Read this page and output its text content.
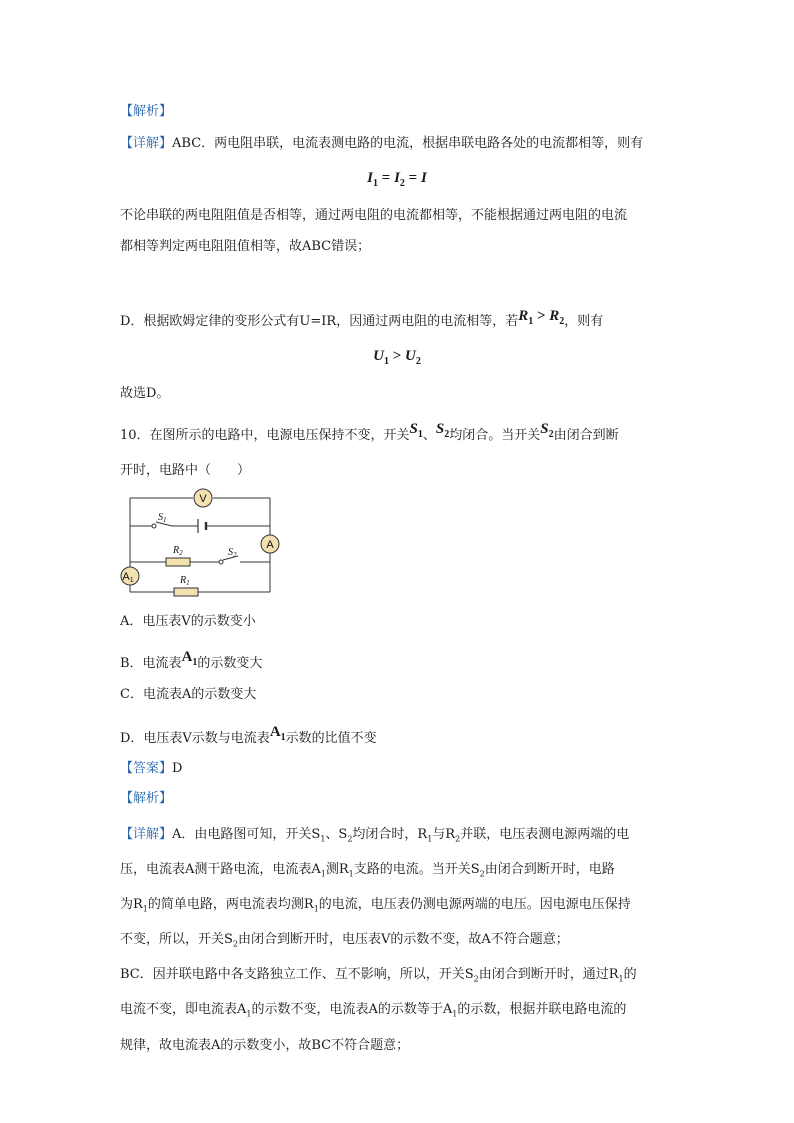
【解析】
【详解】ABC．两电阻串联，电流表测电路的电流，根据串联电路各处的电流都相等，则有
$I_1 = I_2 = I$
不论串联的两电阻阻值是否相等，通过两电阻的电流都相等，不能根据通过两电阻的电流
都相等判定两电阻阻值相等，故ABC错误；
D．根据欧姆定律的变形公式有U=IR，因通过两电阻的电流相等，若$R_1 > R_2$，则有
$U_1 > U_2$
故选D。
10．在图所示的电路中，电源电压保持不变，开关$S_1$、$S_2$均闭合。当开关$S_2$由闭合到断
开时，电路中（　　）
V
A
A1
$S_1$
$R_2$	$S_2$
$R_1$
A．电压表V的示数变小
B．电流表$A_1$的示数变大
C．电流表A的示数变大
D．电压表V示数与电流表$A_1$示数的比值不变
【答案】D
【解析】
【详解】A．由电路图可知，开关$S_1$、$S_2$均闭合时，$R_1$与$R_2$并联，电压表测电源两端的电
压，电流表A测干路电流，电流表$A_1$测$R_1$支路的电流。当开关$S_2$由闭合到断开时，电路
为$R_1$的简单电路，两电流表均测$R_1$的电流，电压表仍测电源两端的电压。因电源电压保持
不变，所以，开关$S_2$由闭合到断开时，电压表V的示数不变，故A不符合题意；
BC．因并联电路中各支路独立工作、互不影响，所以，开关$S_2$由闭合到断开时，通过$R_1$的
电流不变，即电流表$A_1$的示数不变，电流表A的示数等于$A_1$的示数，根据并联电路电流的
规律，故电流表A的示数变小，故BC不符合题意；
